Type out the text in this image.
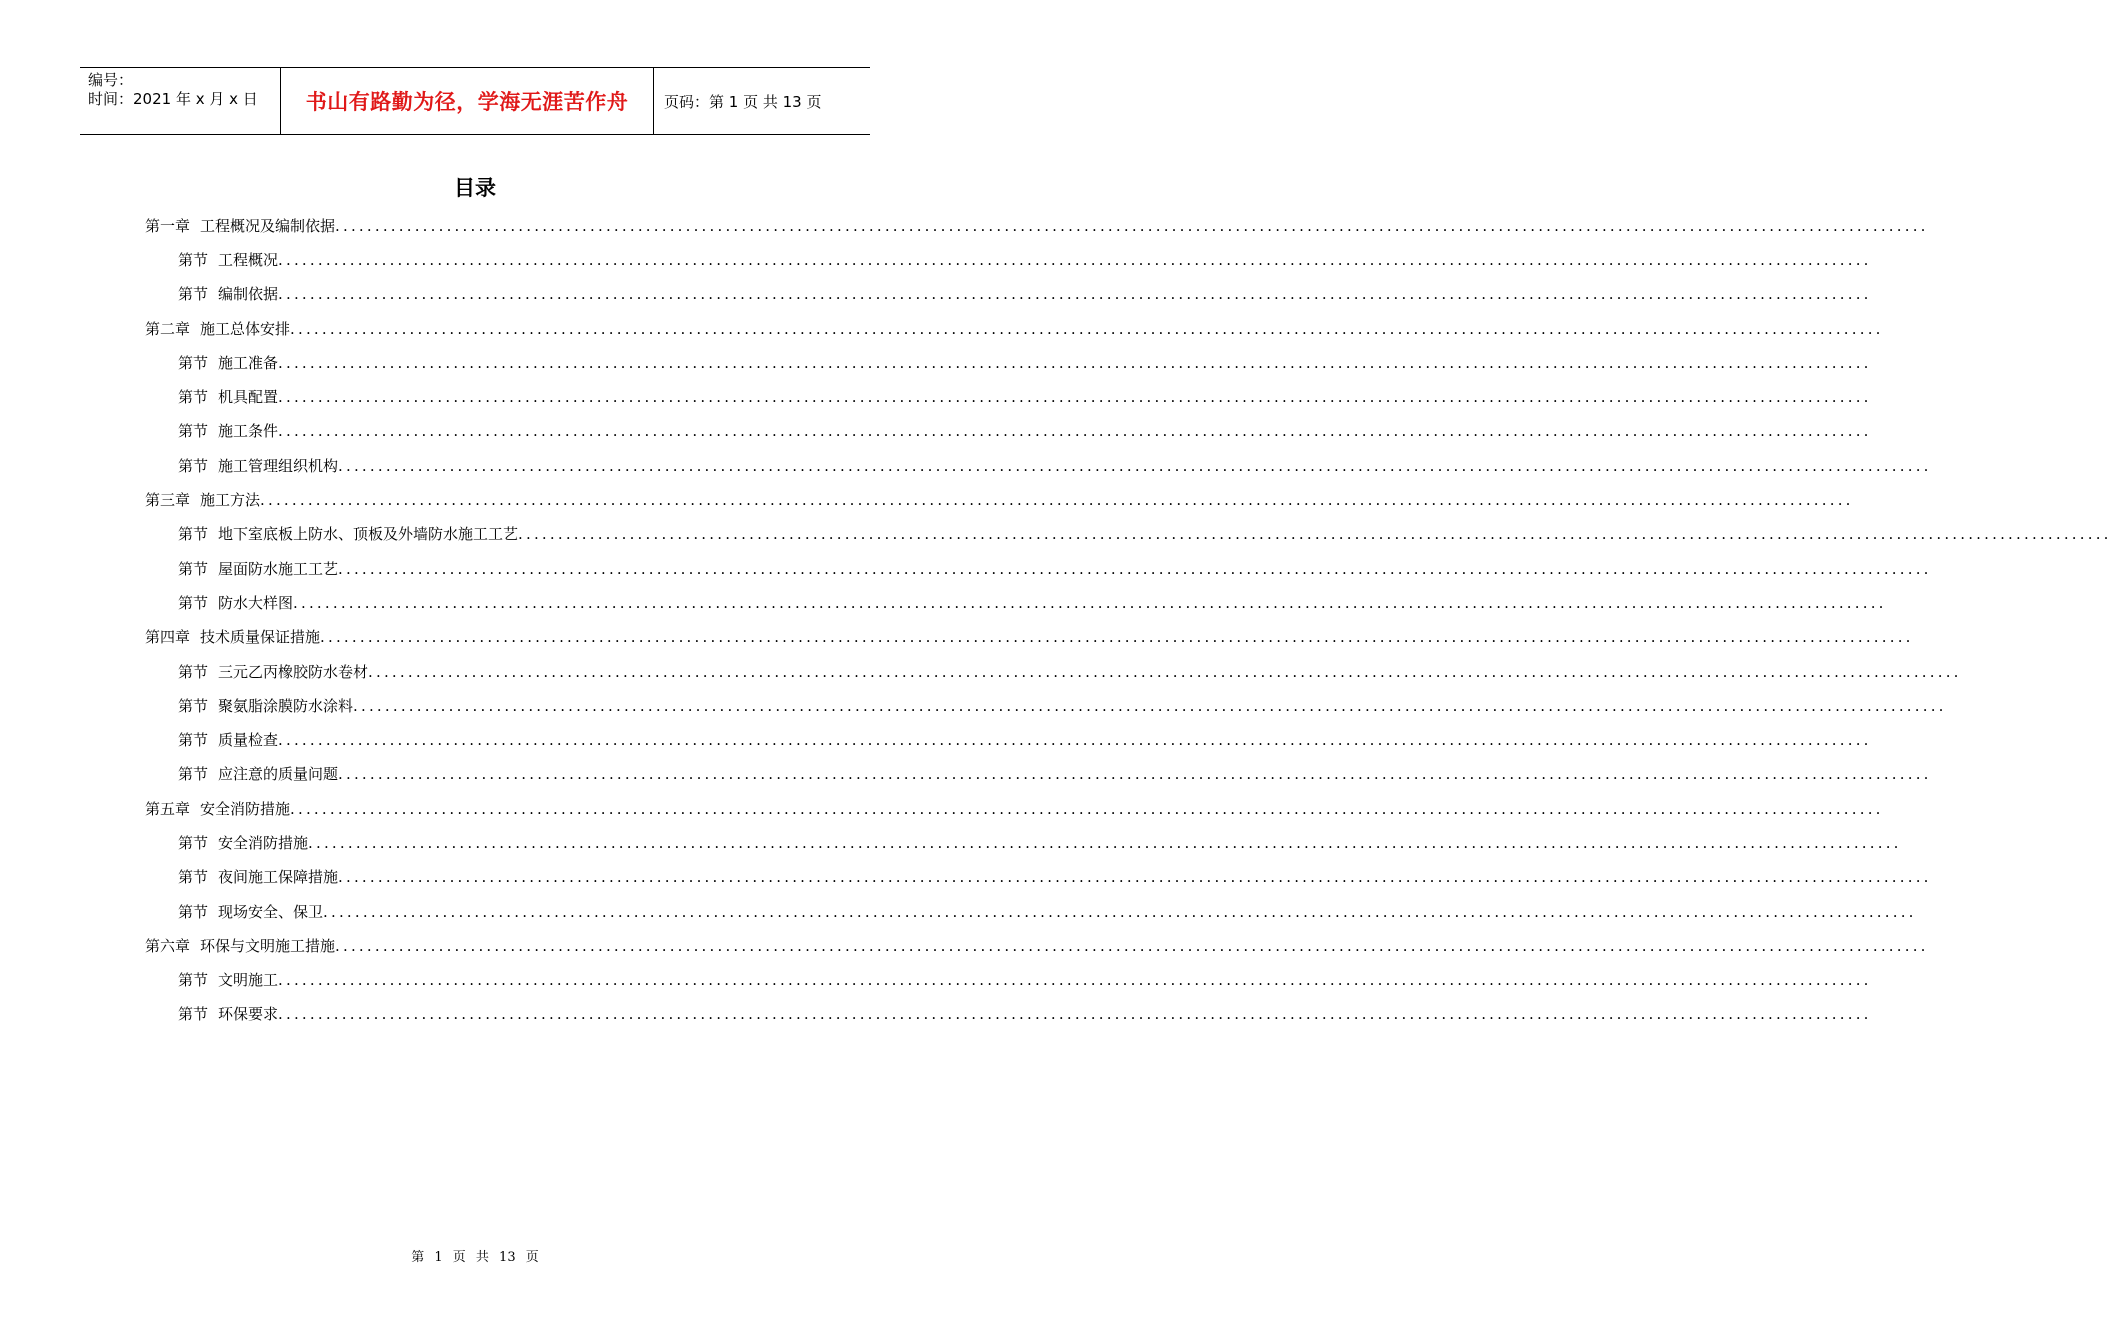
编号：
时间：2021 年 x 月 x 日	书山有路勤为径，学海无涯苦作舟 页码：第 1 页 共 13 页
目录
第一章 工程概况及编制依据 ........................................................................................................................................................................................................
第节 工程概况 ........................................................................................................................................................................................................
第节 编制依据 ........................................................................................................................................................................................................
第二章 施工总体安排 ........................................................................................................................................................................................................
第节 施工准备 ........................................................................................................................................................................................................
第节 机具配置 ........................................................................................................................................................................................................
第节 施工条件 ........................................................................................................................................................................................................
第节 施工管理组织机构 ........................................................................................................................................................................................................
第三章 施工方法 ........................................................................................................................................................................................................
第节 地下室底板上防水、顶板及外墙防水施工工艺 ........................................................................................................................................................................................................
第节 屋面防水施工工艺 ........................................................................................................................................................................................................
第节 防水大样图 ........................................................................................................................................................................................................
第四章 技术质量保证措施 ........................................................................................................................................................................................................
第节 三元乙丙橡胶防水卷材 ........................................................................................................................................................................................................
第节 聚氨脂涂膜防水涂料 ........................................................................................................................................................................................................
第节 质量检查 ........................................................................................................................................................................................................
第节 应注意的质量问题 ........................................................................................................................................................................................................
第五章 安全消防措施 ........................................................................................................................................................................................................
第节 安全消防措施 ........................................................................................................................................................................................................
第节 夜间施工保障措施 ........................................................................................................................................................................................................
第节 现场安全、保卫 ........................................................................................................................................................................................................
第六章 环保与文明施工措施 ........................................................................................................................................................................................................
第节 文明施工 ........................................................................................................................................................................................................
第节 环保要求 ........................................................................................................................................................................................................
第 1 页 共 13 页
